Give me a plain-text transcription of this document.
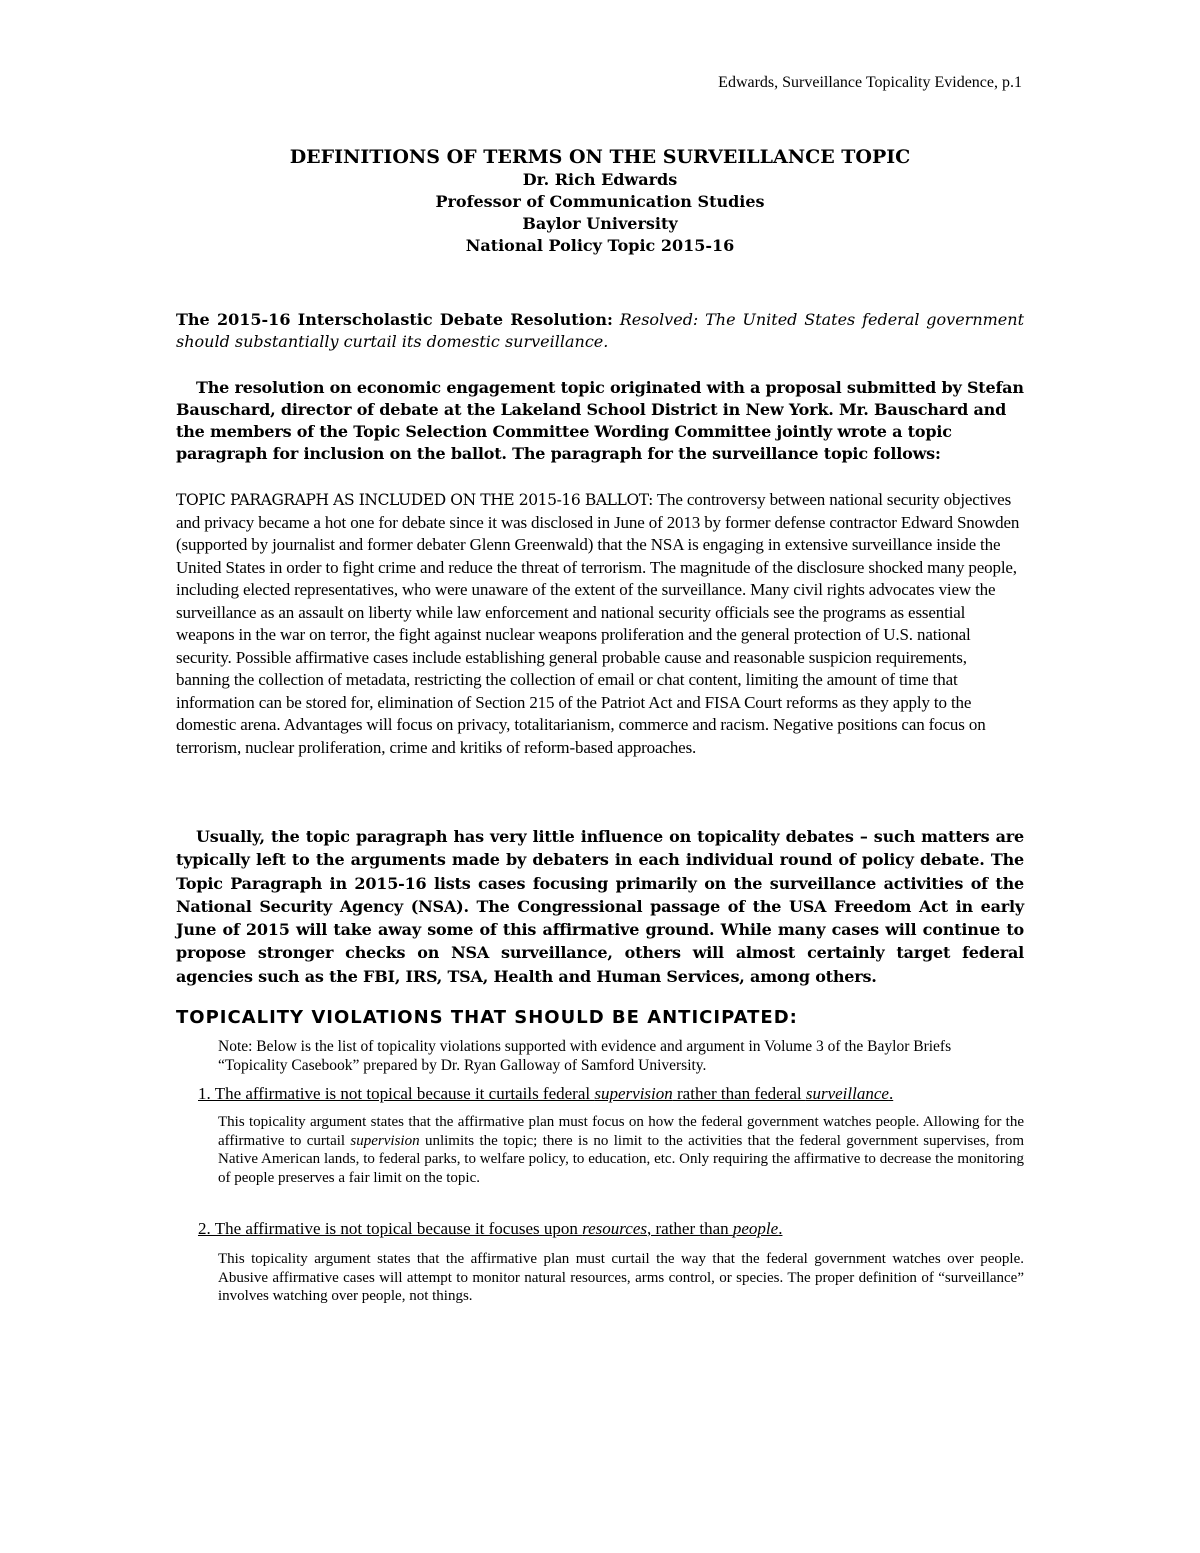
Edwards, Surveillance Topicality Evidence, p.1
DEFINITIONS OF TERMS ON THE SURVEILLANCE TOPIC
Dr. Rich Edwards
Professor of Communication Studies
Baylor University
National Policy Topic 2015-16
The 2015-16 Interscholastic Debate Resolution: Resolved: The United States federal government should substantially curtail its domestic surveillance.
The resolution on economic engagement topic originated with a proposal submitted by Stefan Bauschard, director of debate at the Lakeland School District in New York. Mr. Bauschard and the members of the Topic Selection Committee Wording Committee jointly wrote a topic paragraph for inclusion on the ballot. The paragraph for the surveillance topic follows:
TOPIC PARAGRAPH AS INCLUDED ON THE 2015-16 BALLOT: The controversy between national security objectives and privacy became a hot one for debate since it was disclosed in June of 2013 by former defense contractor Edward Snowden (supported by journalist and former debater Glenn Greenwald) that the NSA is engaging in extensive surveillance inside the United States in order to fight crime and reduce the threat of terrorism. The magnitude of the disclosure shocked many people, including elected representatives, who were unaware of the extent of the surveillance. Many civil rights advocates view the surveillance as an assault on liberty while law enforcement and national security officials see the programs as essential weapons in the war on terror, the fight against nuclear weapons proliferation and the general protection of U.S. national security. Possible affirmative cases include establishing general probable cause and reasonable suspicion requirements, banning the collection of metadata, restricting the collection of email or chat content, limiting the amount of time that information can be stored for, elimination of Section 215 of the Patriot Act and FISA Court reforms as they apply to the domestic arena. Advantages will focus on privacy, totalitarianism, commerce and racism. Negative positions can focus on terrorism, nuclear proliferation, crime and kritiks of reform-based approaches.
Usually, the topic paragraph has very little influence on topicality debates – such matters are typically left to the arguments made by debaters in each individual round of policy debate. The Topic Paragraph in 2015-16 lists cases focusing primarily on the surveillance activities of the National Security Agency (NSA). The Congressional passage of the USA Freedom Act in early June of 2015 will take away some of this affirmative ground. While many cases will continue to propose stronger checks on NSA surveillance, others will almost certainly target federal agencies such as the FBI, IRS, TSA, Health and Human Services, among others.
TOPICALITY VIOLATIONS THAT SHOULD BE ANTICIPATED:
Note: Below is the list of topicality violations supported with evidence and argument in Volume 3 of the Baylor Briefs “Topicality Casebook” prepared by Dr. Ryan Galloway of Samford University.
1. The affirmative is not topical because it curtails federal supervision rather than federal surveillance.
This topicality argument states that the affirmative plan must focus on how the federal government watches people. Allowing for the affirmative to curtail supervision unlimits the topic; there is no limit to the activities that the federal government supervises, from Native American lands, to federal parks, to welfare policy, to education, etc. Only requiring the affirmative to decrease the monitoring of people preserves a fair limit on the topic.
2. The affirmative is not topical because it focuses upon resources, rather than people.
This topicality argument states that the affirmative plan must curtail the way that the federal government watches over people. Abusive affirmative cases will attempt to monitor natural resources, arms control, or species. The proper definition of “surveillance” involves watching over people, not things.
